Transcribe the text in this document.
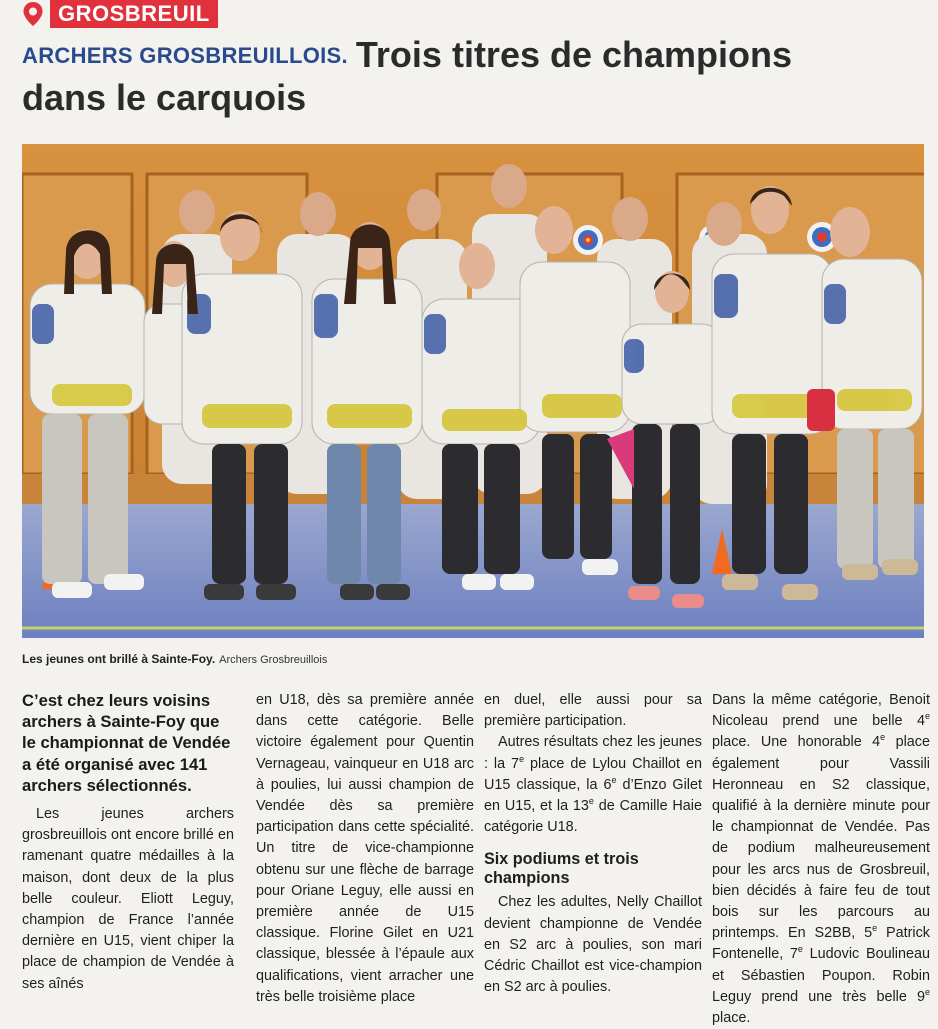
GROSBREUIL
ARCHERS GROSBREUILLOIS. Trois titres de champions
dans le carquois
Les jeunes ont brillé à Sainte-Foy. Archers Grosbreuillois

C’est chez leurs voisins archers à Sainte-Foy que le championnat de Vendée a été organisé avec 141 archers sélectionnés.

Les jeunes archers grosbreuillois ont encore brillé en ramenant quatre médailles à la maison, dont deux de la plus belle couleur. Eliott Leguy, champion de France l’année dernière en U15, vient chiper la place de champion de Vendée à ses aînés

en U18, dès sa première année dans cette catégorie. Belle victoire également pour Quentin Vernageau, vainqueur en U18 arc à poulies, lui aussi champion de Vendée dès sa première participation dans cette spécialité. Un titre de vice-championne obtenu sur une flèche de barrage pour Oriane Leguy, elle aussi en première année de U15 classique. Florine Gilet en U21 classique, blessée à l’épaule aux qualifications, vient arracher une très belle troisième place

en duel, elle aussi pour sa première participation.

Autres résultats chez les jeunes : la 7e place de Lylou Chaillot en U15 classique, la 6e d’Enzo Gilet en U15, et la 13e de Camille Haie catégorie U18.

Six podiums et trois champions

Chez les adultes, Nelly Chaillot devient championne de Vendée en S2 arc à poulies, son mari Cédric Chaillot est vice-champion en S2 arc à poulies.

Dans la même catégorie, Benoit Nicoleau prend une belle 4e place. Une honorable 4e place également pour Vassili Heronneau en S2 classique, qualifié à la dernière minute pour le championnat de Vendée. Pas de podium malheureusement pour les arcs nus de Grosbreuil, bien décidés à faire feu de tout bois sur les parcours au printemps. En S2BB, 5e Patrick Fontenelle, 7e Ludovic Boulineau et Sébastien Poupon. Robin Leguy prend une très belle 9e place.
